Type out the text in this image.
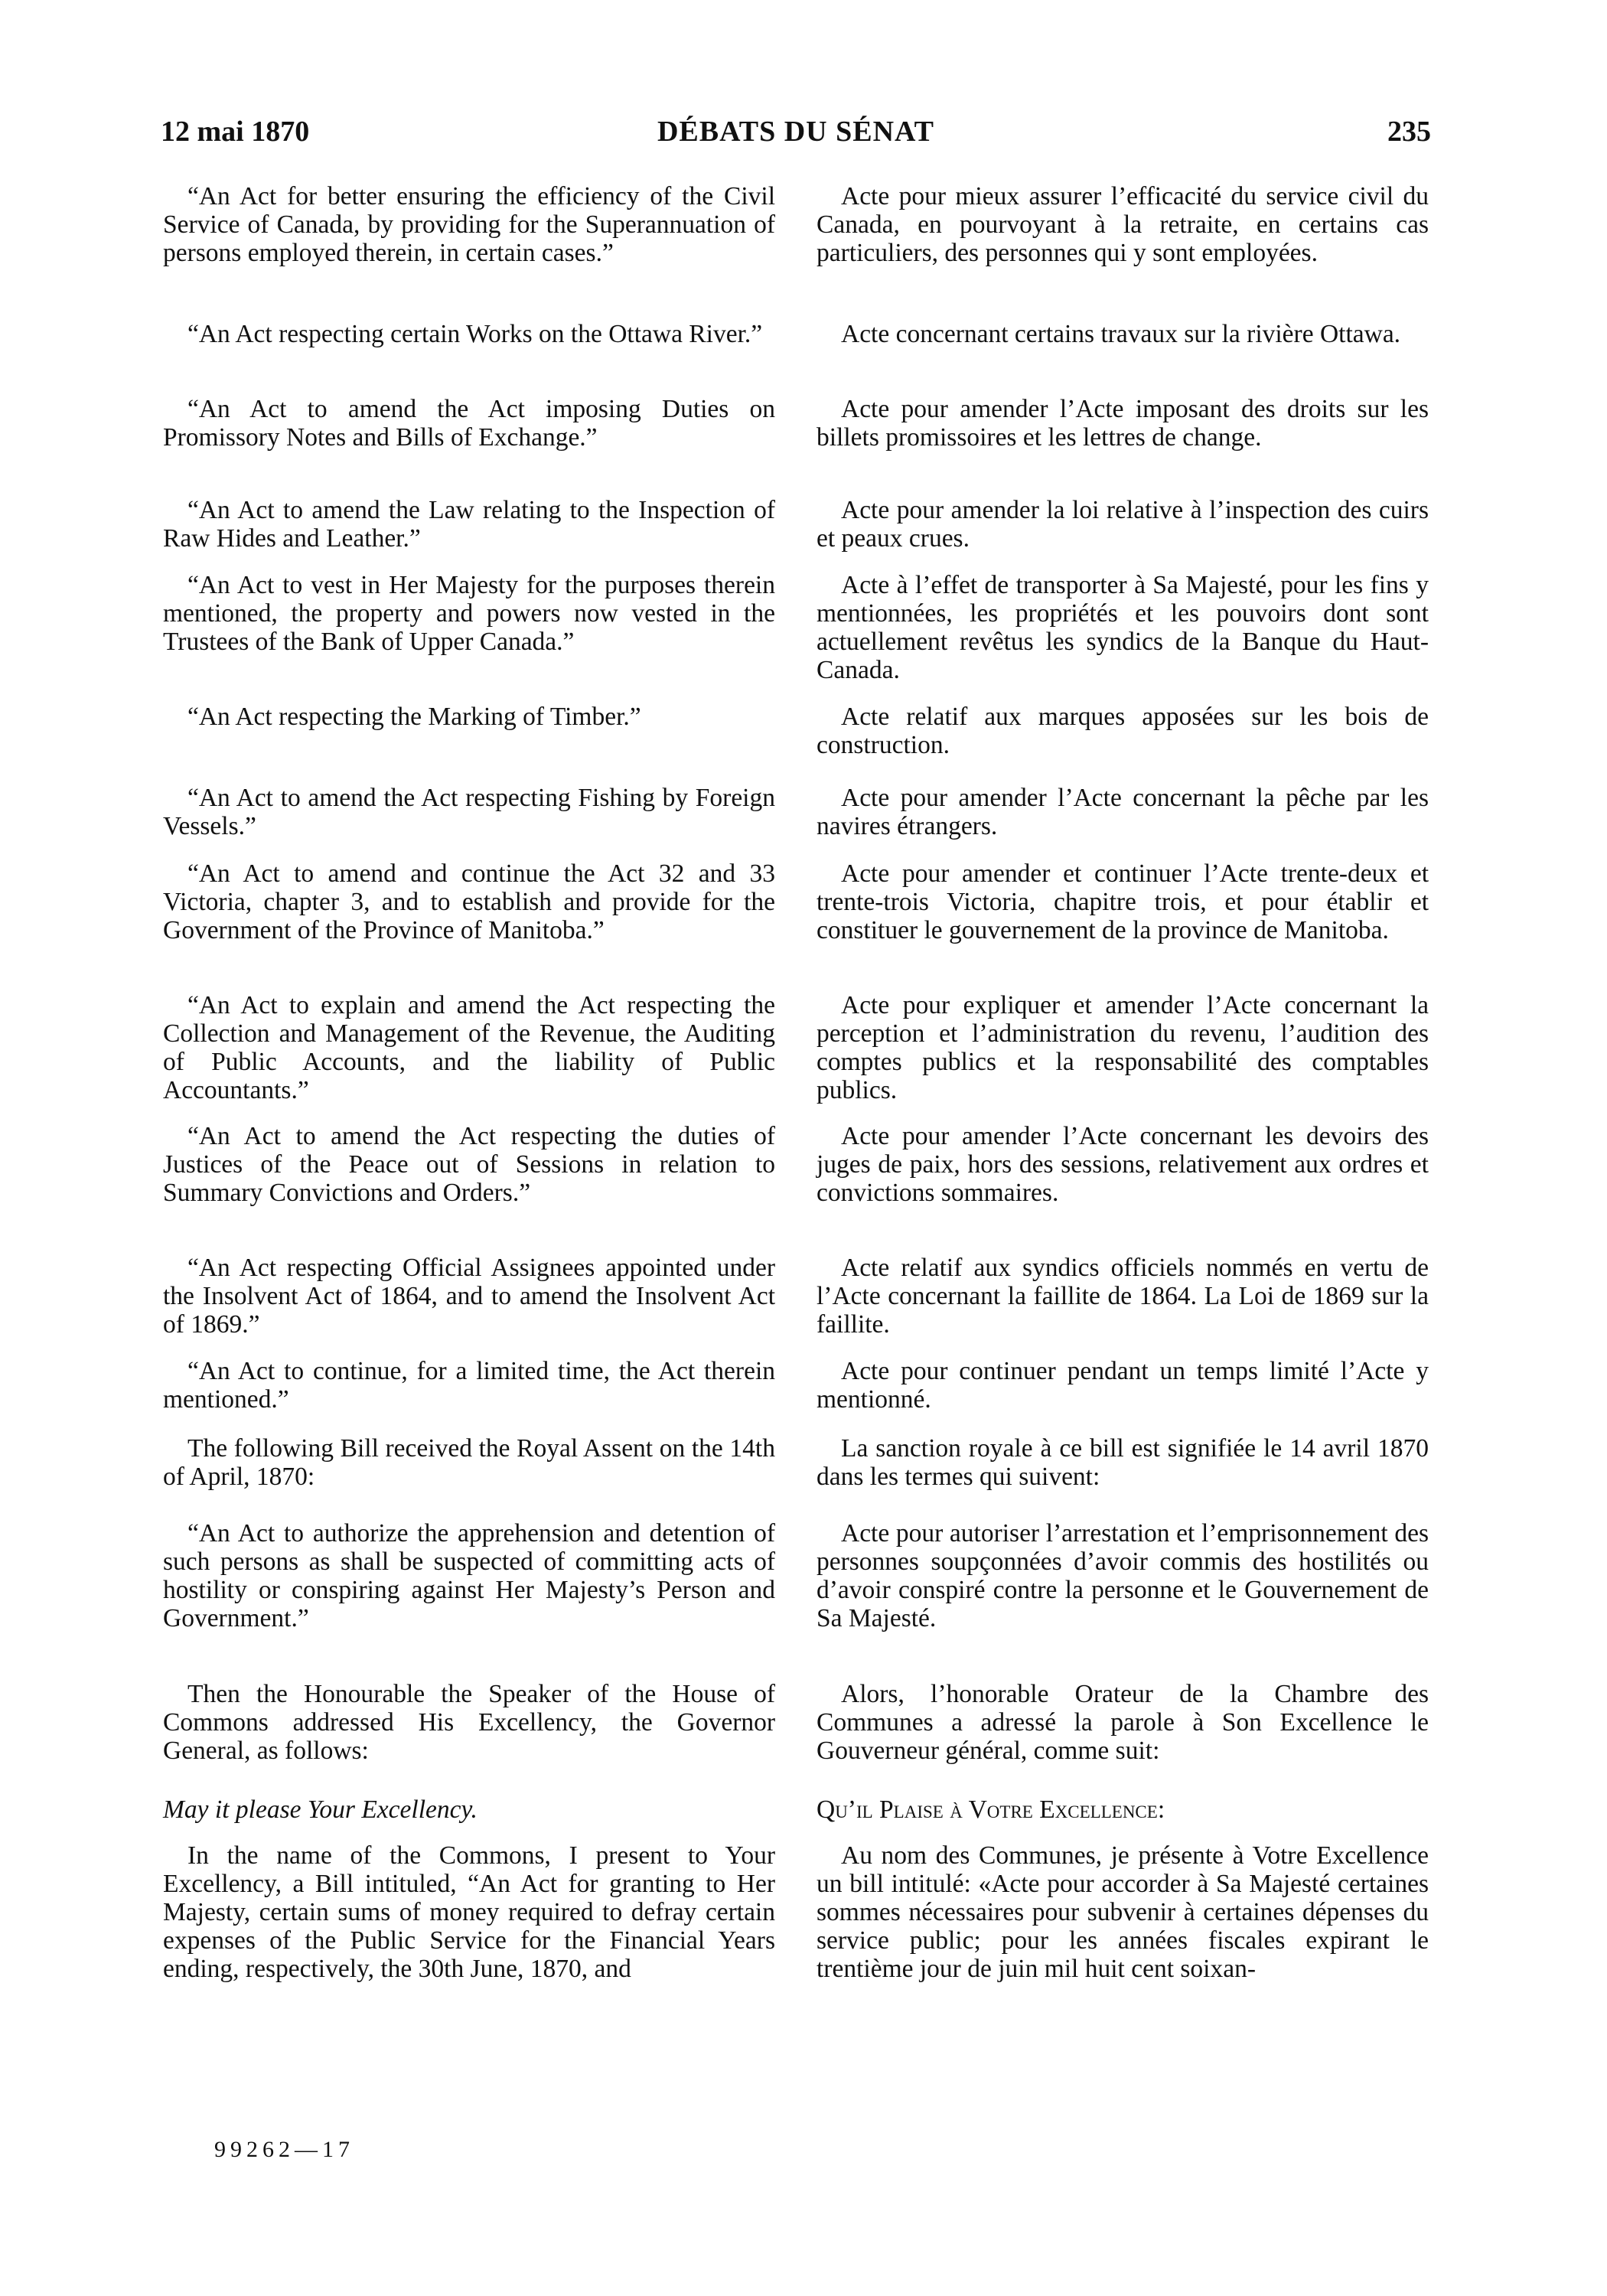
12 mai 1870	DÉBATS DU SÉNAT	235

“An Act for better ensuring the efficiency of the Civil Service of Canada, by providing for the Superannuation of persons employed therein, in certain cases.”

“An Act respecting certain Works on the Ottawa River.”

“An Act to amend the Act imposing Duties on Promissory Notes and Bills of Exchange.”

“An Act to amend the Law relating to the Inspection of Raw Hides and Leather.”

“An Act to vest in Her Majesty for the purposes therein mentioned, the property and powers now vested in the Trustees of the Bank of Upper Canada.”

“An Act respecting the Marking of Timber.”

“An Act to amend the Act respecting Fishing by Foreign Vessels.”

“An Act to amend and continue the Act 32 and 33 Victoria, chapter 3, and to establish and provide for the Government of the Province of Manitoba.”

“An Act to explain and amend the Act respecting the Collection and Management of the Revenue, the Auditing of Public Accounts, and the liability of Public Accountants.”

“An Act to amend the Act respecting the duties of Justices of the Peace out of Sessions in relation to Summary Convictions and Orders.”

“An Act respecting Official Assignees appointed under the Insolvent Act of 1864, and to amend the Insolvent Act of 1869.”

“An Act to continue, for a limited time, the Act therein mentioned.”

The following Bill received the Royal Assent on the 14th of April, 1870:

“An Act to authorize the apprehension and detention of such persons as shall be suspected of committing acts of hostility or conspiring against Her Majesty’s Person and Government.”

Then the Honourable the Speaker of the House of Commons addressed His Excellency, the Governor General, as follows:

May it please Your Excellency.

In the name of the Commons, I present to Your Excellency, a Bill intituled, “An Act for granting to Her Majesty, certain sums of money required to defray certain expenses of the Public Service for the Financial Years ending, respectively, the 30th June, 1870, and

Acte pour mieux assurer l’efficacité du service civil du Canada, en pourvoyant à la retraite, en certains cas particuliers, des personnes qui y sont employées.

Acte concernant certains travaux sur la rivière Ottawa.

Acte pour amender l’Acte imposant des droits sur les billets promissoires et les lettres de change.

Acte pour amender la loi relative à l’inspection des cuirs et peaux crues.

Acte à l’effet de transporter à Sa Majesté, pour les fins y mentionnées, les propriétés et les pouvoirs dont sont actuellement revêtus les syndics de la Banque du Haut-Canada.

Acte relatif aux marques apposées sur les bois de construction.

Acte pour amender l’Acte concernant la pêche par les navires étrangers.

Acte pour amender et continuer l’Acte trente-deux et trente-trois Victoria, chapitre trois, et pour établir et constituer le gouvernement de la province de Manitoba.

Acte pour expliquer et amender l’Acte concernant la perception et l’administration du revenu, l’audition des comptes publics et la responsabilité des comptables publics.

Acte pour amender l’Acte concernant les devoirs des juges de paix, hors des sessions, relativement aux ordres et convictions sommaires.

Acte relatif aux syndics officiels nommés en vertu de l’Acte concernant la faillite de 1864. La Loi de 1869 sur la faillite.

Acte pour continuer pendant un temps limité l’Acte y mentionné.

La sanction royale à ce bill est signifiée le 14 avril 1870 dans les termes qui suivent:

Acte pour autoriser l’arrestation et l’emprisonnement des personnes soupçonnées d’avoir commis des hostilités ou d’avoir conspiré contre la personne et le Gouvernement de Sa Majesté.

Alors, l’honorable Orateur de la Chambre des Communes a adressé la parole à Son Excellence le Gouverneur général, comme suit:

Qu’il Plaise à Votre Excellence:

Au nom des Communes, je présente à Votre Excellence un bill intitulé: «Acte pour accorder à Sa Majesté certaines sommes nécessaires pour subvenir à certaines dépenses du service public; pour les années fiscales expirant le trentième jour de juin mil huit cent soixan-

99262—17
